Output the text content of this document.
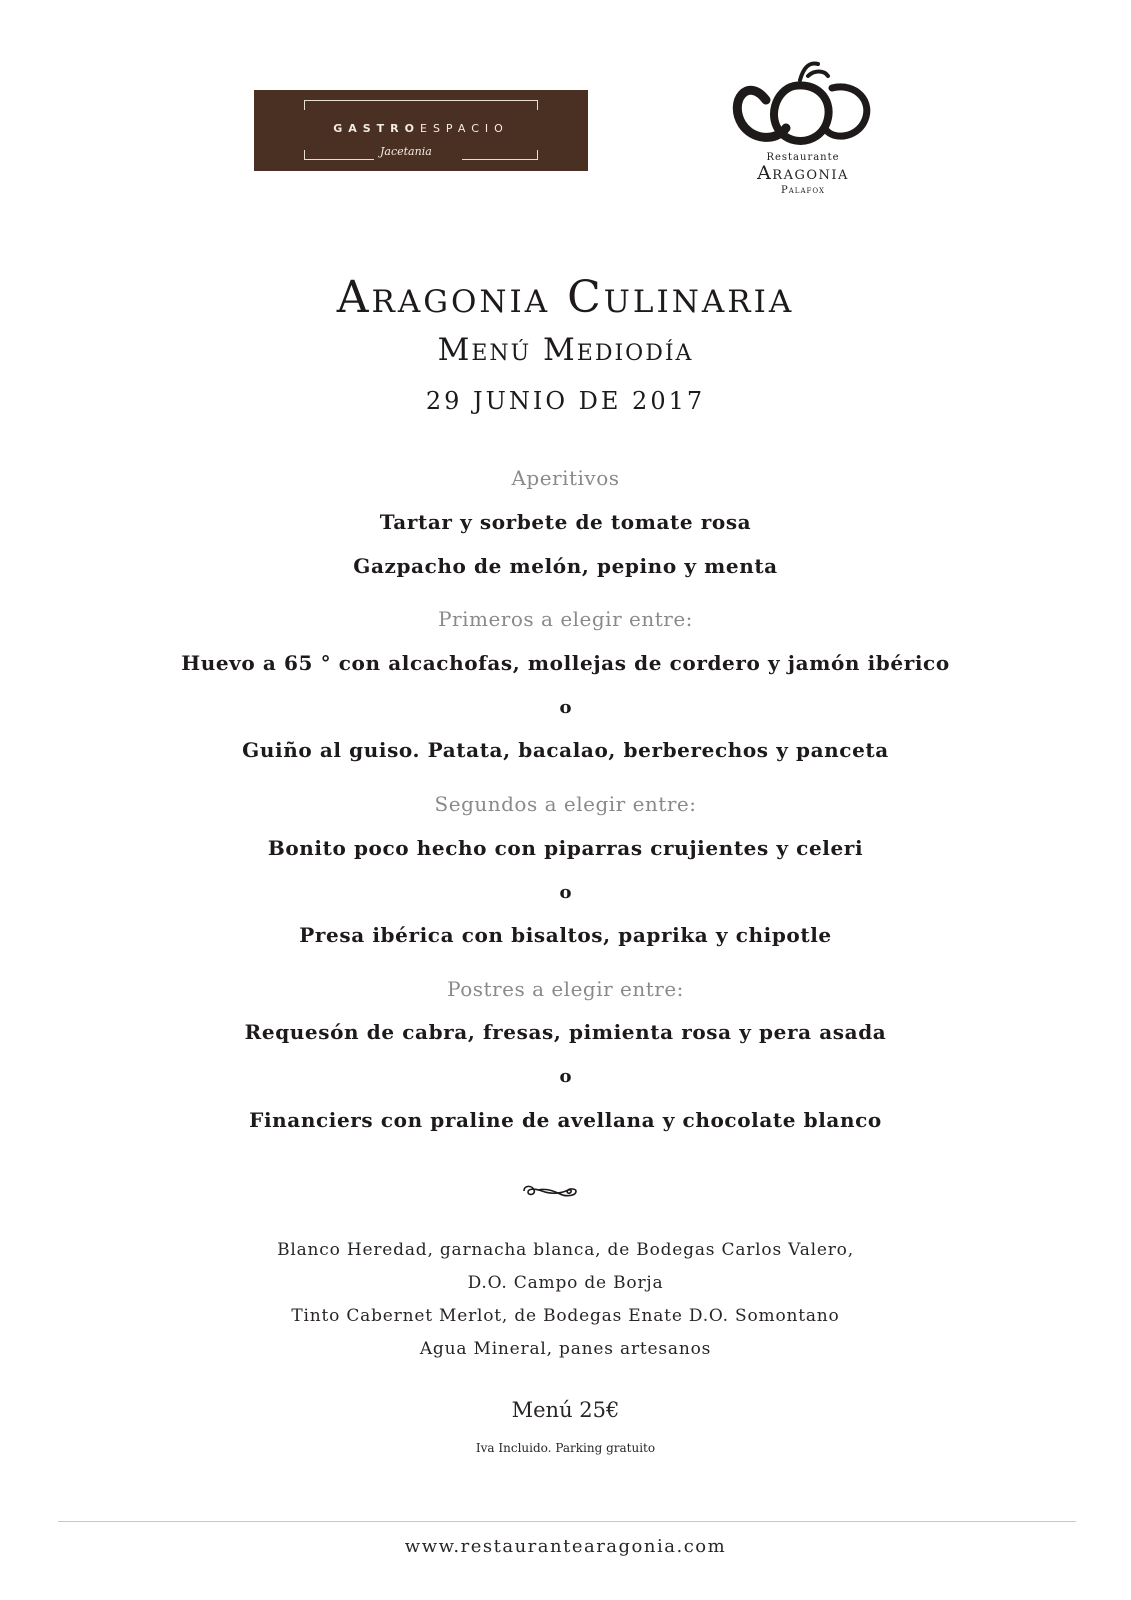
GASTROESPACIO
Jacetania	Restaurante
Aragonia
Palafox
Aragonia Culinaria
Menú Mediodía
29 JUNIO DE 2017
Aperitivos
Tartar y sorbete de tomate rosa
Gazpacho de melón, pepino y menta
Primeros a elegir entre:
Huevo a 65 ° con alcachofas, mollejas de cordero y jamón ibérico
o
Guiño al guiso. Patata, bacalao, berberechos y panceta
Segundos a elegir entre:
Bonito poco hecho con piparras crujientes y celeri
o
Presa ibérica con bisaltos, paprika y chipotle
Postres a elegir entre:
Requesón de cabra, fresas, pimienta rosa y pera asada
o
Financiers con praline de avellana y chocolate blanco
Blanco Heredad, garnacha blanca, de Bodegas Carlos Valero,
D.O. Campo de Borja
Tinto Cabernet Merlot, de Bodegas Enate D.O. Somontano
Agua Mineral, panes artesanos
Menú 25€
Iva Incluido. Parking gratuito
www.restaurantearagonia.com
